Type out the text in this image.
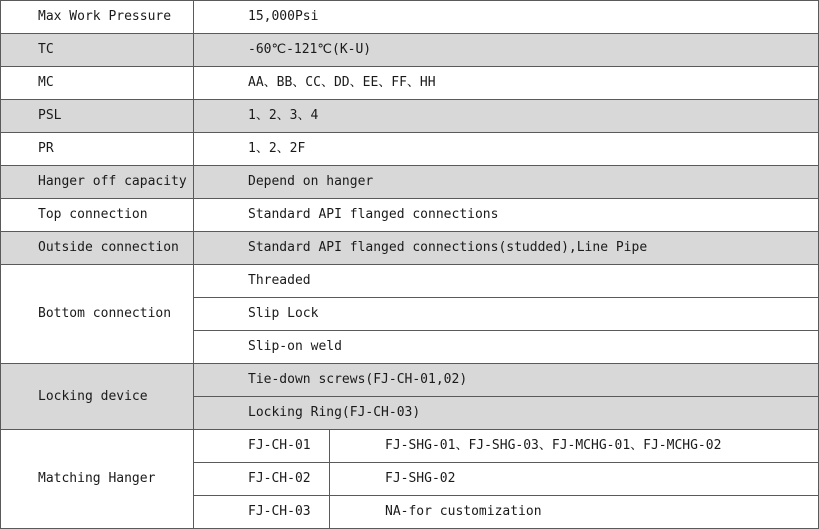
Max Work Pressure	15,000Psi	
TC	-60℃-121℃(K-U)	
MC	AA、BB、CC、DD、EE、FF、HH	
PSL	1、2、3、4	
PR	1、2、2F	
Hanger off capacity	Depend on hanger	
Top connection	Standard API flanged connections	
Outside connection	Standard API flanged connections(studded),Line Pipe	
Bottom connection	Threaded	
	Slip Lock	
	Slip-on weld	
Locking device	Tie-down screws(FJ-CH-01,02)	
	Locking Ring(FJ-CH-03)	
Matching Hanger	FJ-CH-01	FJ-SHG-01、FJ-SHG-03、FJ-MCHG-01、FJ-MCHG-02
	FJ-CH-02	FJ-SHG-02
	FJ-CH-03	NA-for customization
